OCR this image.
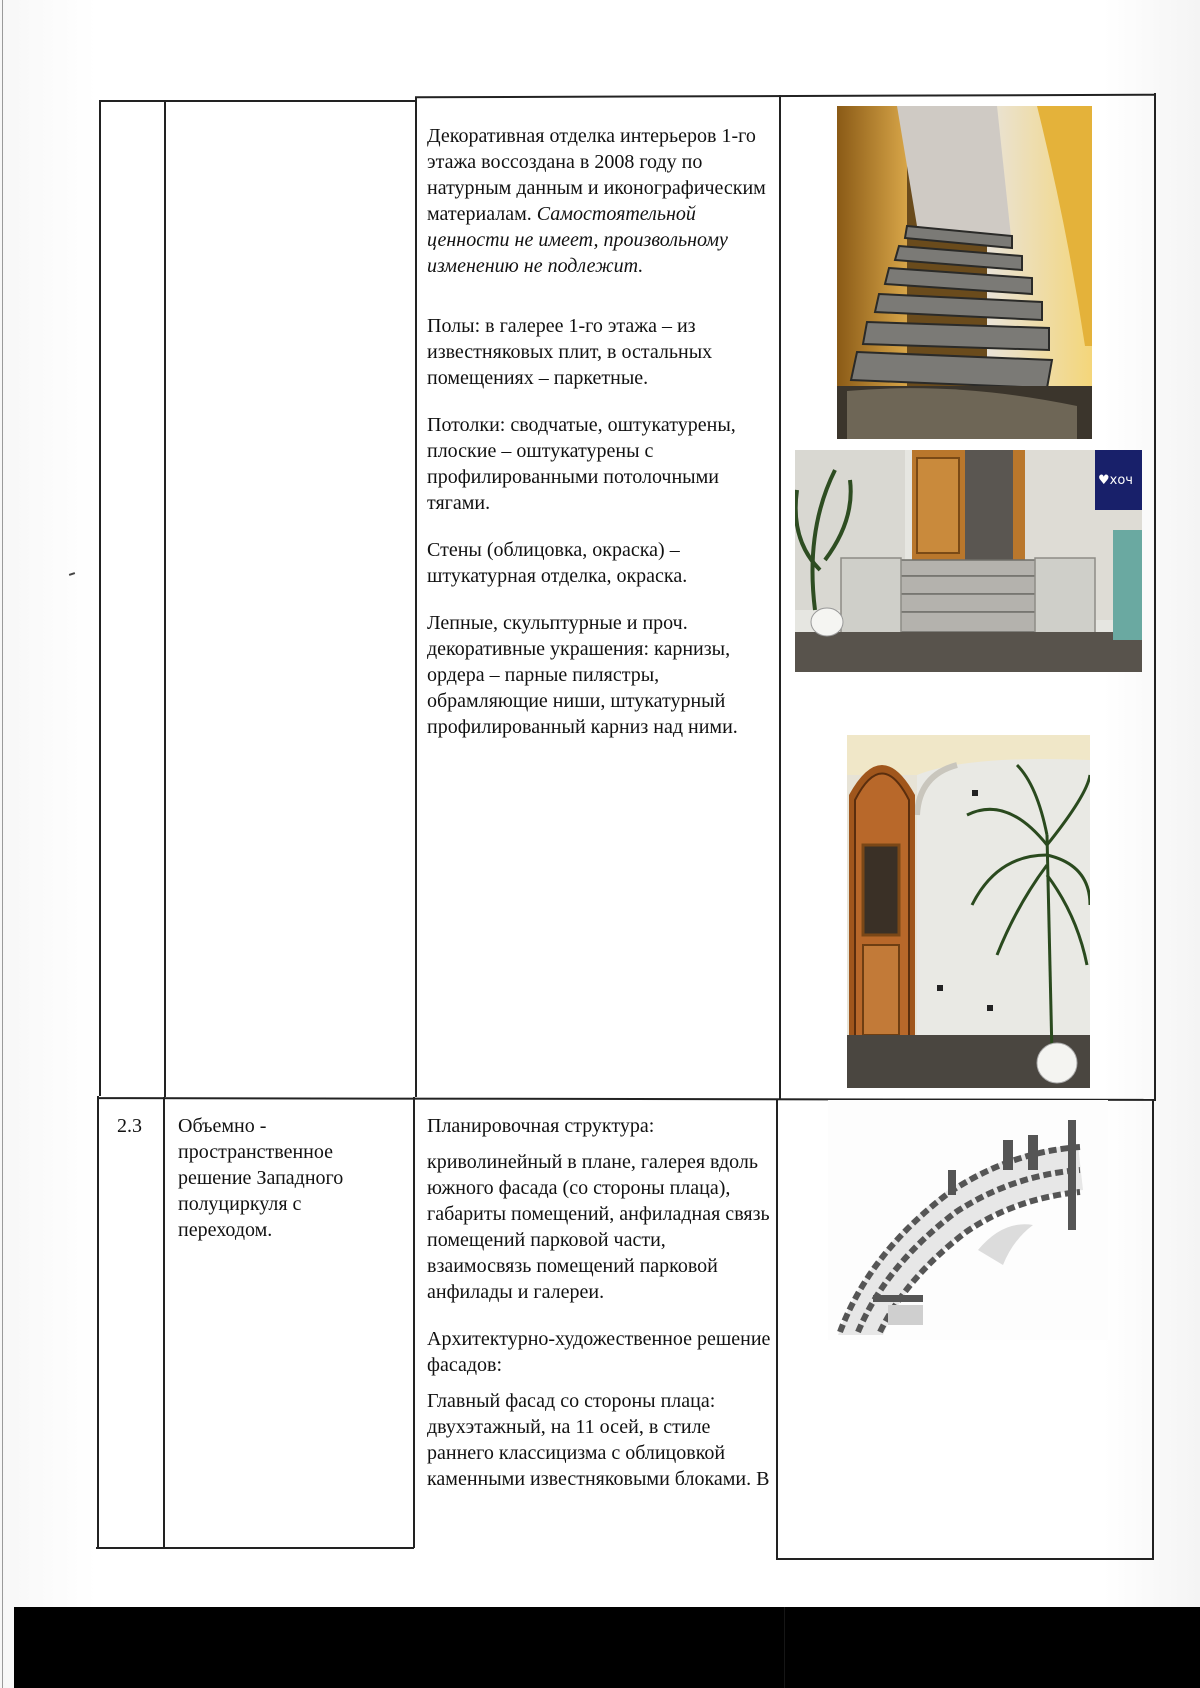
Декоративная отделка интерьеров 1-го этажа воссоздана в 2008 году по натурным данным и иконографическим материалам. Самостоятельной ценности не имеет, произвольному изменению не подлежит.

Полы: в галерее 1-го этажа – из известняковых плит, в остальных помещениях – паркетные.

Потолки: сводчатые, оштукатурены, плоские – оштукатурены с профилированными потолочными тягами.

Стены (облицовка, окраска) – штукатурная отделка, окраска.

Лепные, скульптурные и проч. декоративные украшения: карнизы, ордера – парные пилястры, обрамляющие ниши, штукатурный профилированный карниз над ними.

♥хоч
2.3 Объемно - пространственное решение Западного полуциркуля с переходом.

Планировочная структура:

криволинейный в плане, галерея вдоль южного фасада (со стороны плаца), габариты помещений, анфиладная связь помещений парковой части, взаимосвязь помещений парковой анфилады и галереи.

Архитектурно-художественное решение фасадов:

Главный фасад со стороны плаца: двухэтажный, на 11 осей, в стиле раннего классицизма с облицовкой каменными известняковыми блоками. В
